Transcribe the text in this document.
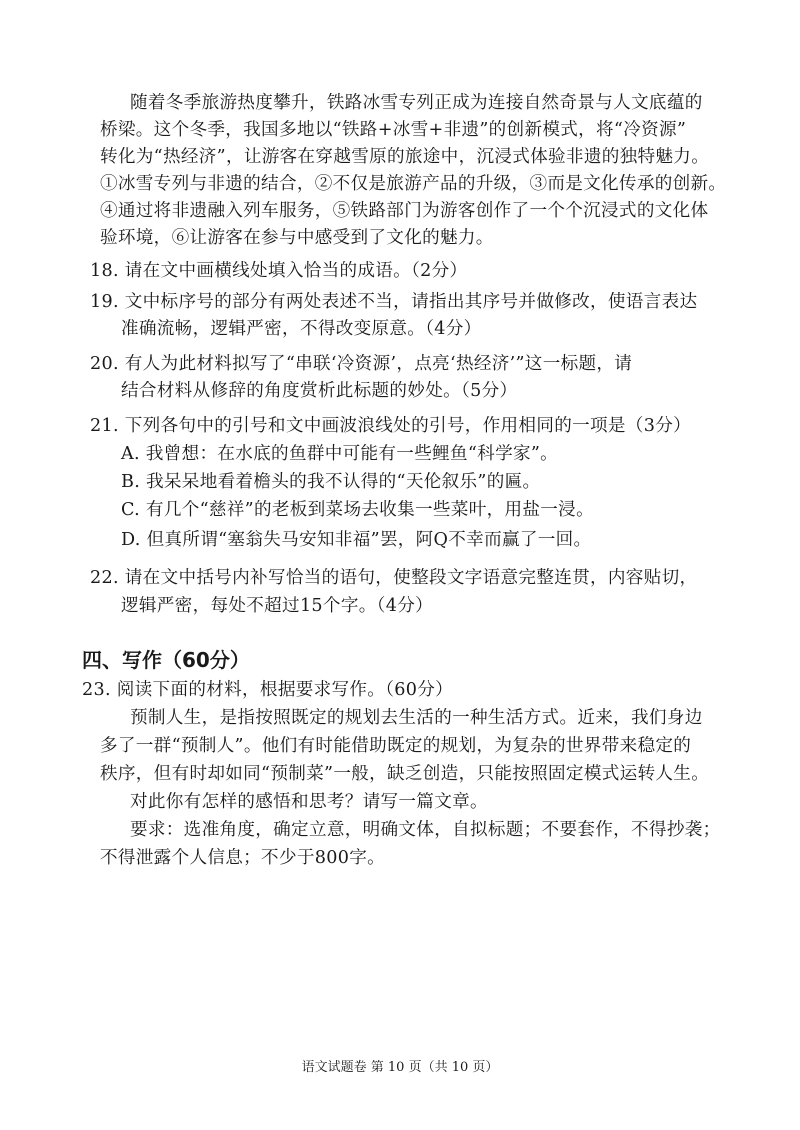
随着冬季旅游热度攀升，铁路冰雪专列正成为连接自然奇景与人文底蕴的
桥梁。这个冬季，我国多地以“铁路+冰雪+非遗”的创新模式，将“冷资源”
转化为“热经济”，让游客在穿越雪原的旅途中，沉浸式体验非遗的独特魅力。
①冰雪专列与非遗的结合，②不仅是旅游产品的升级，③而是文化传承的创新。
④通过将非遗融入列车服务，⑤铁路部门为游客创作了一个个沉浸式的文化体
验环境，⑥让游客在参与中感受到了文化的魅力。
18. 请在文中画横线处填入恰当的成语。（2分）
19. 文中标序号的部分有两处表述不当，请指出其序号并做修改，使语言表达
准确流畅，逻辑严密，不得改变原意。（4分）
20. 有人为此材料拟写了“串联‘冷资源’，点亮‘热经济’”这一标题，请
结合材料从修辞的角度赏析此标题的妙处。（5分）
21. 下列各句中的引号和文中画波浪线处的引号，作用相同的一项是（3分）
A. 我曾想：在水底的鱼群中可能有一些鲤鱼“科学家”。
B. 我呆呆地看着檐头的我不认得的“天伦叙乐”的匾。
C. 有几个“慈祥”的老板到菜场去收集一些菜叶，用盐一浸。
D. 但真所谓“塞翁失马安知非福”罢，阿Q不幸而赢了一回。
22. 请在文中括号内补写恰当的语句，使整段文字语意完整连贯，内容贴切，
逻辑严密，每处不超过15个字。（4分）
四、写作（60分）
23. 阅读下面的材料，根据要求写作。（60分）
预制人生，是指按照既定的规划去生活的一种生活方式。近来，我们身边
多了一群“预制人”。他们有时能借助既定的规划，为复杂的世界带来稳定的
秩序，但有时却如同“预制菜”一般，缺乏创造，只能按照固定模式运转人生。
对此你有怎样的感悟和思考？请写一篇文章。
要求：选准角度，确定立意，明确文体，自拟标题；不要套作，不得抄袭；
不得泄露个人信息；不少于800字。
语文试题卷 第 10 页（共 10 页）
